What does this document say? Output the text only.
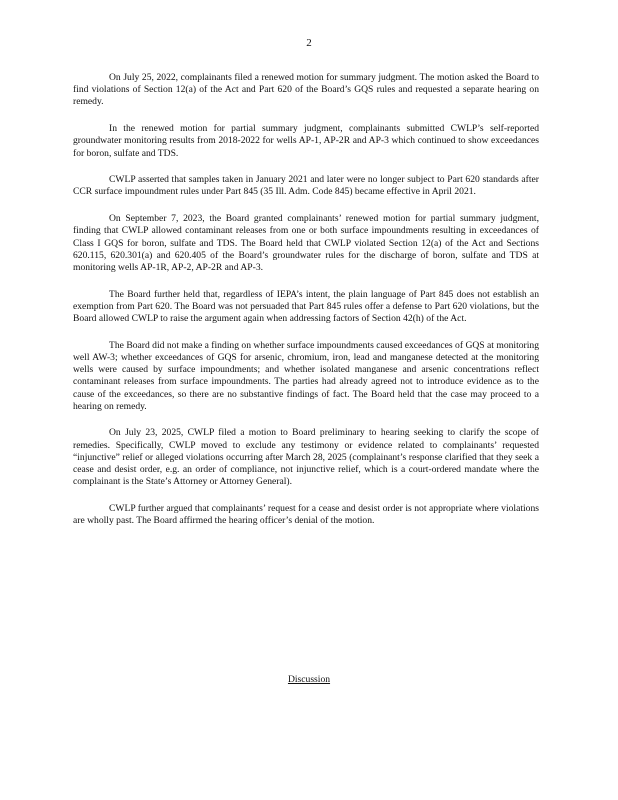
2

On July 25, 2022, complainants filed a renewed motion for summary judgment. The motion asked the Board to find violations of Section 12(a) of the Act and Part 620 of the Board’s GQS rules and requested a separate hearing on remedy.

In the renewed motion for partial summary judgment, complainants submitted CWLP’s self-reported groundwater monitoring results from 2018-2022 for wells AP-1, AP-2R and AP-3 which continued to show exceedances for boron, sulfate and TDS.

CWLP asserted that samples taken in January 2021 and later were no longer subject to Part 620 standards after CCR surface impoundment rules under Part 845 (35 Ill. Adm. Code 845) became effective in April 2021.

On September 7, 2023, the Board granted complainants’ renewed motion for partial summary judgment, finding that CWLP allowed contaminant releases from one or both surface impoundments resulting in exceedances of Class I GQS for boron, sulfate and TDS. The Board held that CWLP violated Section 12(a) of the Act and Sections 620.115, 620.301(a) and 620.405 of the Board’s groundwater rules for the discharge of boron, sulfate and TDS at monitoring wells AP-1R, AP-2, AP-2R and AP-3.

The Board further held that, regardless of IEPA’s intent, the plain language of Part 845 does not establish an exemption from Part 620. The Board was not persuaded that Part 845 rules offer a defense to Part 620 violations, but the Board allowed CWLP to raise the argument again when addressing factors of Section 42(h) of the Act.

The Board did not make a finding on whether surface impoundments caused exceedances of GQS at monitoring well AW-3; whether exceedances of GQS for arsenic, chromium, iron, lead and manganese detected at the monitoring wells were caused by surface impoundments; and whether isolated manganese and arsenic concentrations reflect contaminant releases from surface impoundments. The parties had already agreed not to introduce evidence as to the cause of the exceedances, so there are no substantive findings of fact. The Board held that the case may proceed to a hearing on remedy.

On July 23, 2025, CWLP filed a motion to Board preliminary to hearing seeking to clarify the scope of remedies. Specifically, CWLP moved to exclude any testimony or evidence related to complainants’ requested “injunctive” relief or alleged violations occurring after March 28, 2025 (complainant’s response clarified that they seek a cease and desist order, e.g. an order of compliance, not injunctive relief, which is a court-ordered mandate where the complainant is the State’s Attorney or Attorney General).

CWLP further argued that complainants’ request for a cease and desist order is not appropriate where violations are wholly past. The Board affirmed the hearing officer’s denial of the motion.

Discussion
